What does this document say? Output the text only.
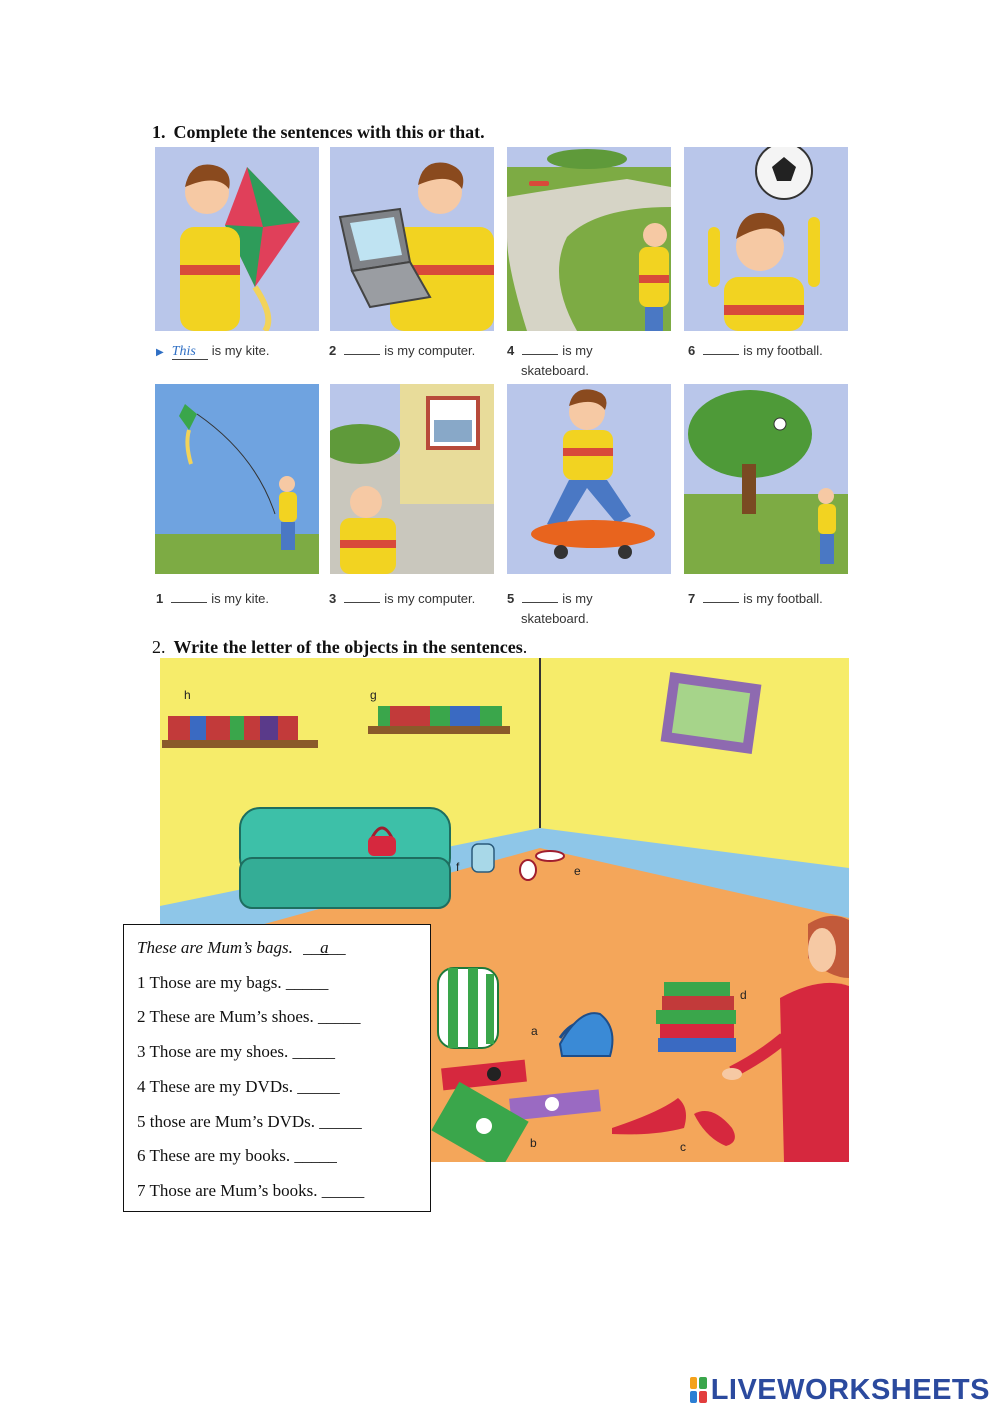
1. Complete the sentences with this or that.
▶ This is my kite.	2	is my computer. 4	is my
skateboard.
6	is my football.
1	is my kite.	3	is my computer. 5	is my
skateboard.
7	is my football.
2. Write the letter of the objects in the sentences.
h	g
f	e
d
a
b	c
These are Mum’s bags. __a__
1 Those are my bags. _____
2 These are Mum’s shoes. _____
3 Those are my shoes. _____
4 These are my DVDs. _____
5 those are Mum’s DVDs. _____
6 These are my books. _____
7 Those are Mum’s books. _____
LIVEWORKSHEETS
